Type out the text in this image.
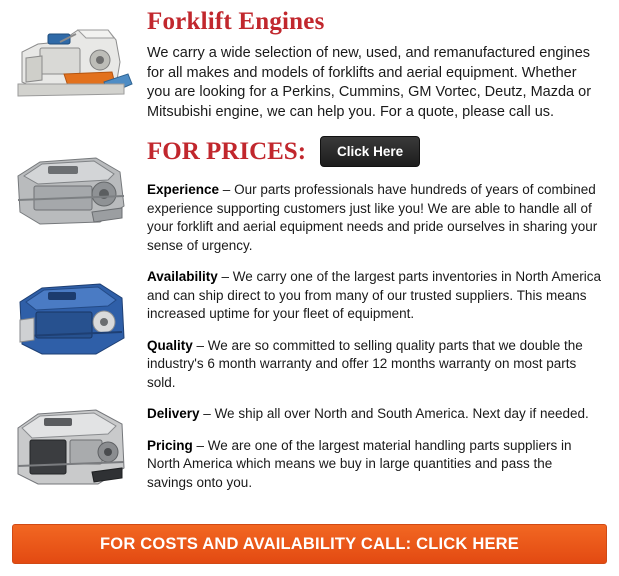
Forklift Engines

We carry a wide selection of new, used, and remanufactured engines for all makes and models of forklifts and aerial equipment. Whether you are looking for a Perkins, Cummins, GM Vortec, Deutz, Mazda or Mitsubishi engine, we can help you. For a quote, please call us.

FOR PRICES:	Click Here

Experience – Our parts professionals have hundreds of years of combined experience supporting customers just like you! We are able to handle all of your forklift and aerial equipment needs and pride ourselves in sharing your sense of urgency.

Availability – We carry one of the largest parts inventories in North America and can ship direct to you from many of our trusted suppliers. This means increased uptime for your fleet of equipment.

Quality – We are so committed to selling quality parts that we double the industry's 6 month warranty and offer 12 months warranty on most parts sold.

Delivery – We ship all over North and South America. Next day if needed.

Pricing – We are one of the largest material handling parts suppliers in North America which means we buy in large quantities and pass the savings onto you.

FOR COSTS AND AVAILABILITY CALL: CLICK HERE
